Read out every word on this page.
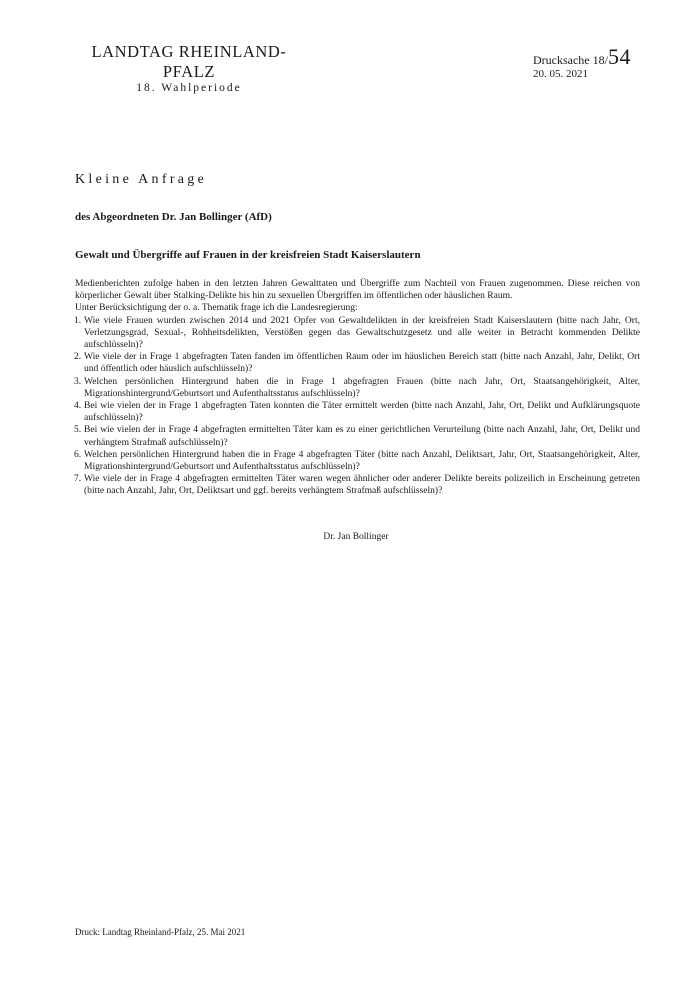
LANDTAG RHEINLAND-PFALZ
18. Wahlperiode
Drucksache 18/54
20. 05. 2021
Kleine Anfrage
des Abgeordneten Dr. Jan Bollinger (AfD)
Gewalt und Übergriffe auf Frauen in der kreisfreien Stadt Kaiserslautern

Medienberichten zufolge haben in den letzten Jahren Gewalttaten und Übergriffe zum Nachteil von Frauen zugenommen. Diese reichen von körperlicher Gewalt über Stalking-Delikte bis hin zu sexuellen Übergriffen im öffentlichen oder häuslichen Raum.

Unter Berücksichtigung der o. a. Thematik frage ich die Landesregierung:

1. Wie viele Frauen wurden zwischen 2014 und 2021 Opfer von Gewaltdelikten in der kreisfreien Stadt Kaiserslautern (bitte nach Jahr, Ort, Verletzungsgrad, Sexual-, Rohheitsdelikten, Verstößen gegen das Gewaltschutzgesetz und alle weiter in Betracht kommenden Delikte aufschlüsseln)?
2. Wie viele der in Frage 1 abgefragten Taten fanden im öffentlichen Raum oder im häuslichen Bereich statt (bitte nach Anzahl, Jahr, Delikt, Ort und öffentlich oder häuslich aufschlüsseln)?
3. Welchen persönlichen Hintergrund haben die in Frage 1 abgefragten Frauen (bitte nach Jahr, Ort, Staatsangehörigkeit, Alter, Migrationshintergrund/Geburtsort und Aufenthaltsstatus aufschlüsseln)?
4. Bei wie vielen der in Frage 1 abgefragten Taten konnten die Täter ermittelt werden (bitte nach Anzahl, Jahr, Ort, Delikt und Aufklärungsquote aufschlüsseln)?
5. Bei wie vielen der in Frage 4 abgefragten ermittelten Täter kam es zu einer gerichtlichen Verurteilung (bitte nach Anzahl, Jahr, Ort, Delikt und verhängtem Strafmaß aufschlüsseln)?
6. Welchen persönlichen Hintergrund haben die in Frage 4 abgefragten Täter (bitte nach Anzahl, Deliktsart, Jahr, Ort, Staatsangehörigkeit, Alter, Migrationshintergrund/Geburtsort und Aufenthaltsstatus aufschlüsseln)?
7. Wie viele der in Frage 4 abgefragten ermittelten Täter waren wegen ähnlicher oder anderer Delikte bereits polizeilich in Erscheinung getreten (bitte nach Anzahl, Jahr, Ort, Deliktsart und ggf. bereits verhängtem Strafmaß aufschlüsseln)?
Dr. Jan Bollinger
Druck: Landtag Rheinland-Pfalz, 25. Mai 2021
